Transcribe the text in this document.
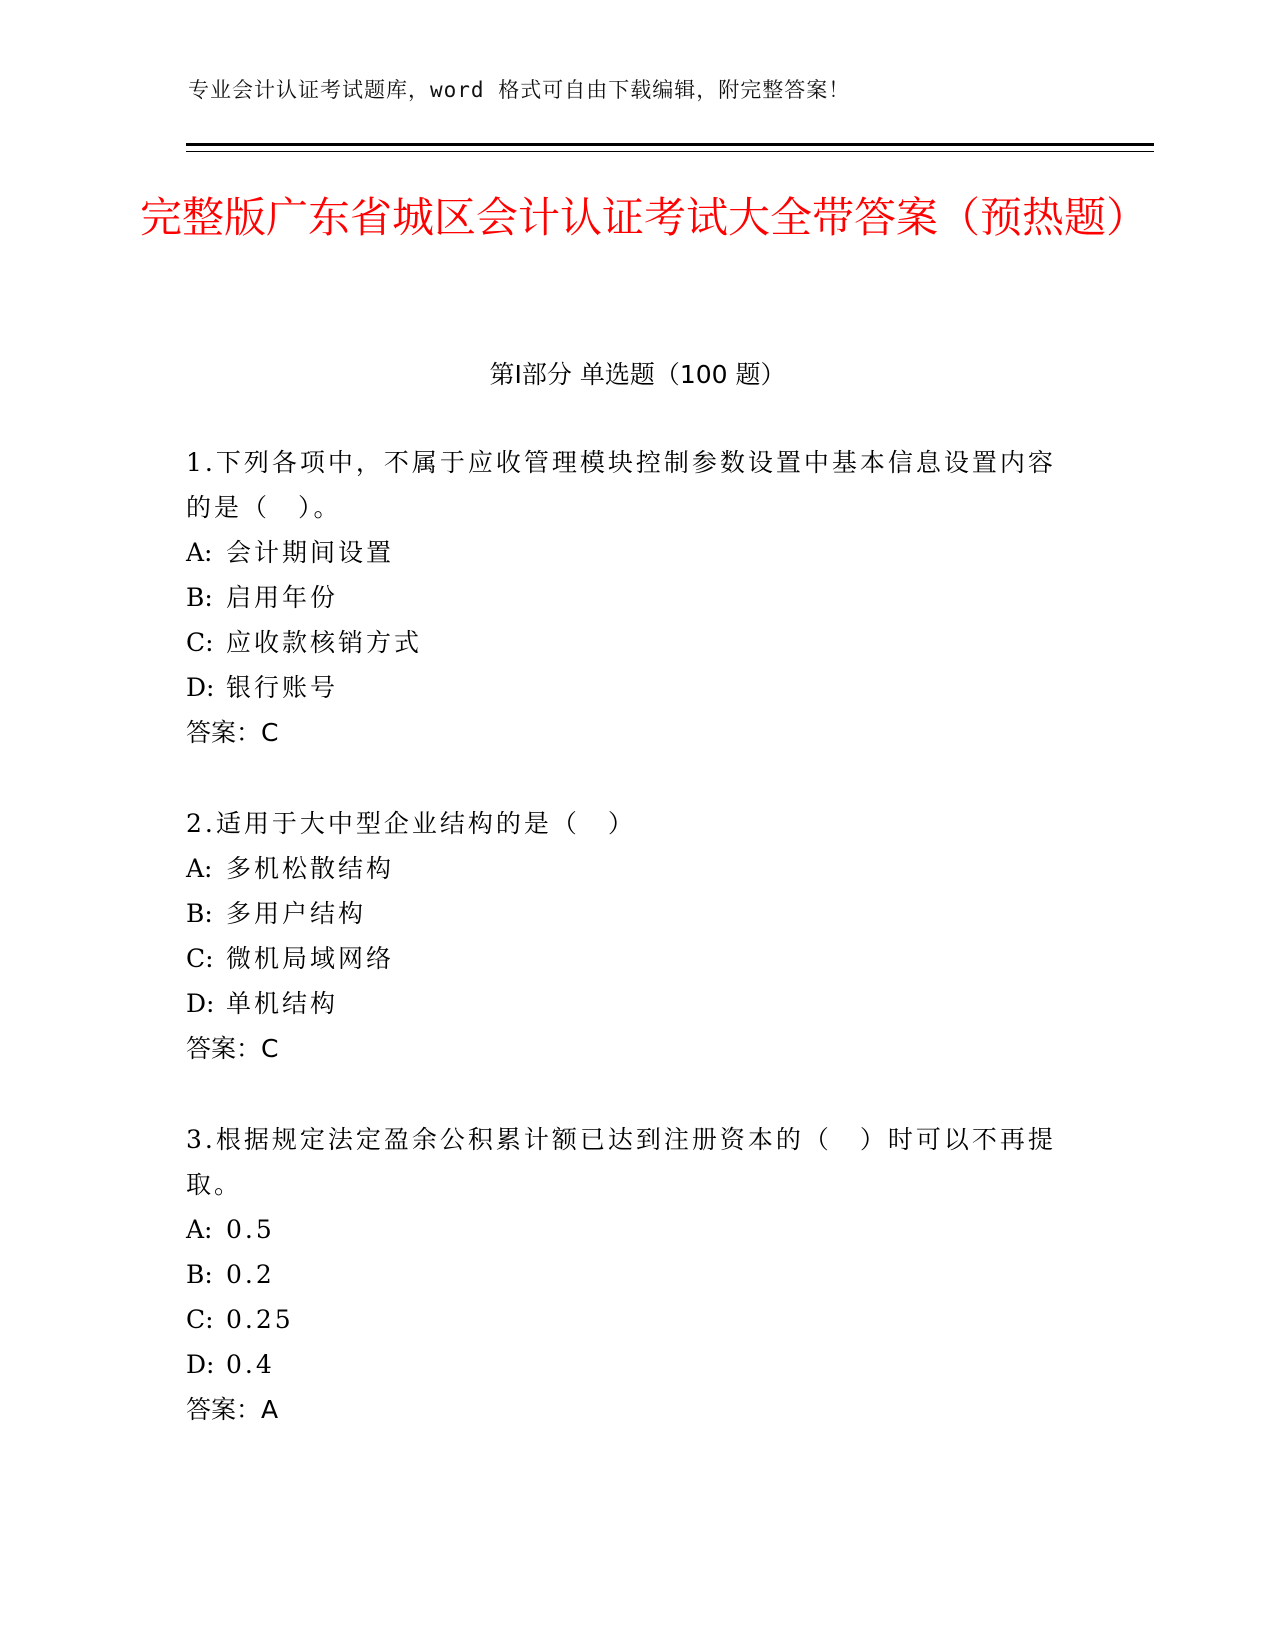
专业会计认证考试题库，word 格式可自由下载编辑，附完整答案！
完整版广东省城区会计认证考试大全带答案（预热题）
第Ⅰ部分 单选题（100 题）
1.下列各项中，不属于应收管理模块控制参数设置中基本信息设置内容的是（　）。
A: 会计期间设置
B: 启用年份
C: 应收款核销方式
D: 银行账号
答案：C
2.适用于大中型企业结构的是（　）
A: 多机松散结构
B: 多用户结构
C: 微机局域网络
D: 单机结构
答案：C
3.根据规定法定盈余公积累计额已达到注册资本的（　）时可以不再提取。
A: 0.5
B: 0.2
C: 0.25
D: 0.4
答案：A
